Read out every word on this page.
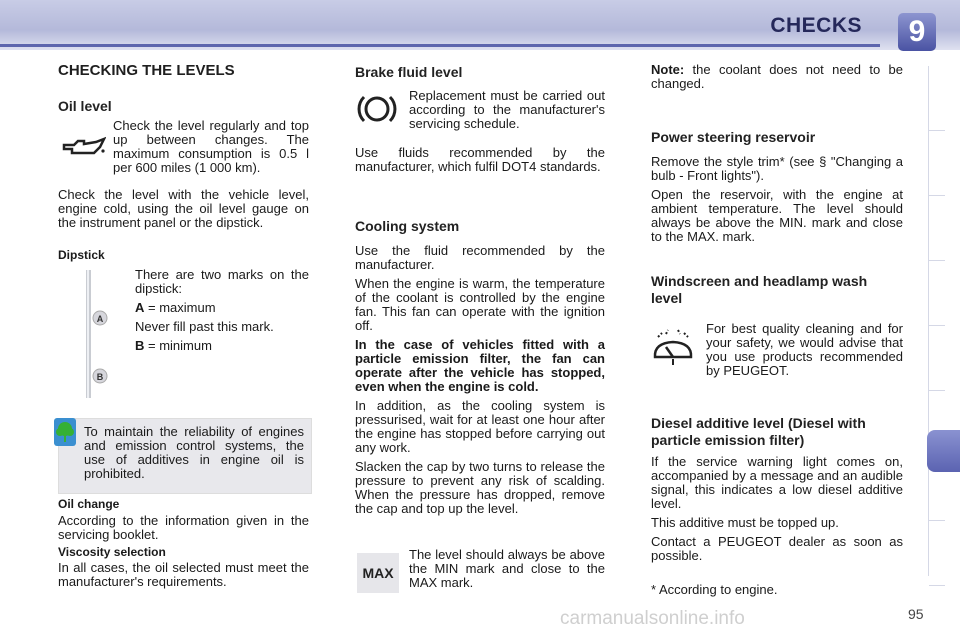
CHECKS	9
CHECKING THE LEVELS
Oil level

Check the level regularly and top up between changes. The maximum consumption is 0.5 l per 600 miles (1 000 km).

Check the level with the vehicle level, engine cold, using the oil level gauge on the instrument panel or the dipstick.

Dipstick
A
B

There are two marks on the dipstick:

A = maximum

Never fill past this mark.

B = minimum

To maintain the reliability of engines and emission control systems, the use of additives in engine oil is prohibited.

Oil change

According to the information given in the servicing booklet.

Viscosity selection

In all cases, the oil selected must meet the manufacturer's requirements.

Brake fluid level

Replacement must be carried out according to the manufacturer's servicing schedule.

Use fluids recommended by the manufacturer, which fulfil DOT4 standards.

Cooling system

Use the fluid recommended by the manufacturer.

When the engine is warm, the temperature of the coolant is controlled by the engine fan. This fan can operate with the ignition off.

In the case of vehicles fitted with a particle emission filter, the fan can operate after the vehicle has stopped, even when the engine is cold.

In addition, as the cooling system is pressurised, wait for at least one hour after the engine has stopped before carrying out any work.

Slacken the cap by two turns to release the pressure to prevent any risk of scalding. When the pressure has dropped, remove the cap and top up the level.

MAX

The level should always be above the MIN mark and close to the MAX mark.

Note: the coolant does not need to be changed.

Power steering reservoir

Remove the style trim* (see § "Changing a bulb - Front lights").

Open the reservoir, with the engine at ambient temperature. The level should always be above the MIN. mark and close to the MAX. mark.

Windscreen and headlamp wash level

For best quality cleaning and for your safety, we would advise that you use products recommended by PEUGEOT.

Diesel additive level (Diesel with particle emission filter)

If the service warning light comes on, accompanied by a message and an audible signal, this indicates a low diesel additive level.

This additive must be topped up.

Contact a PEUGEOT dealer as soon as possible.

* According to engine.

carmanualsonline.info	95
